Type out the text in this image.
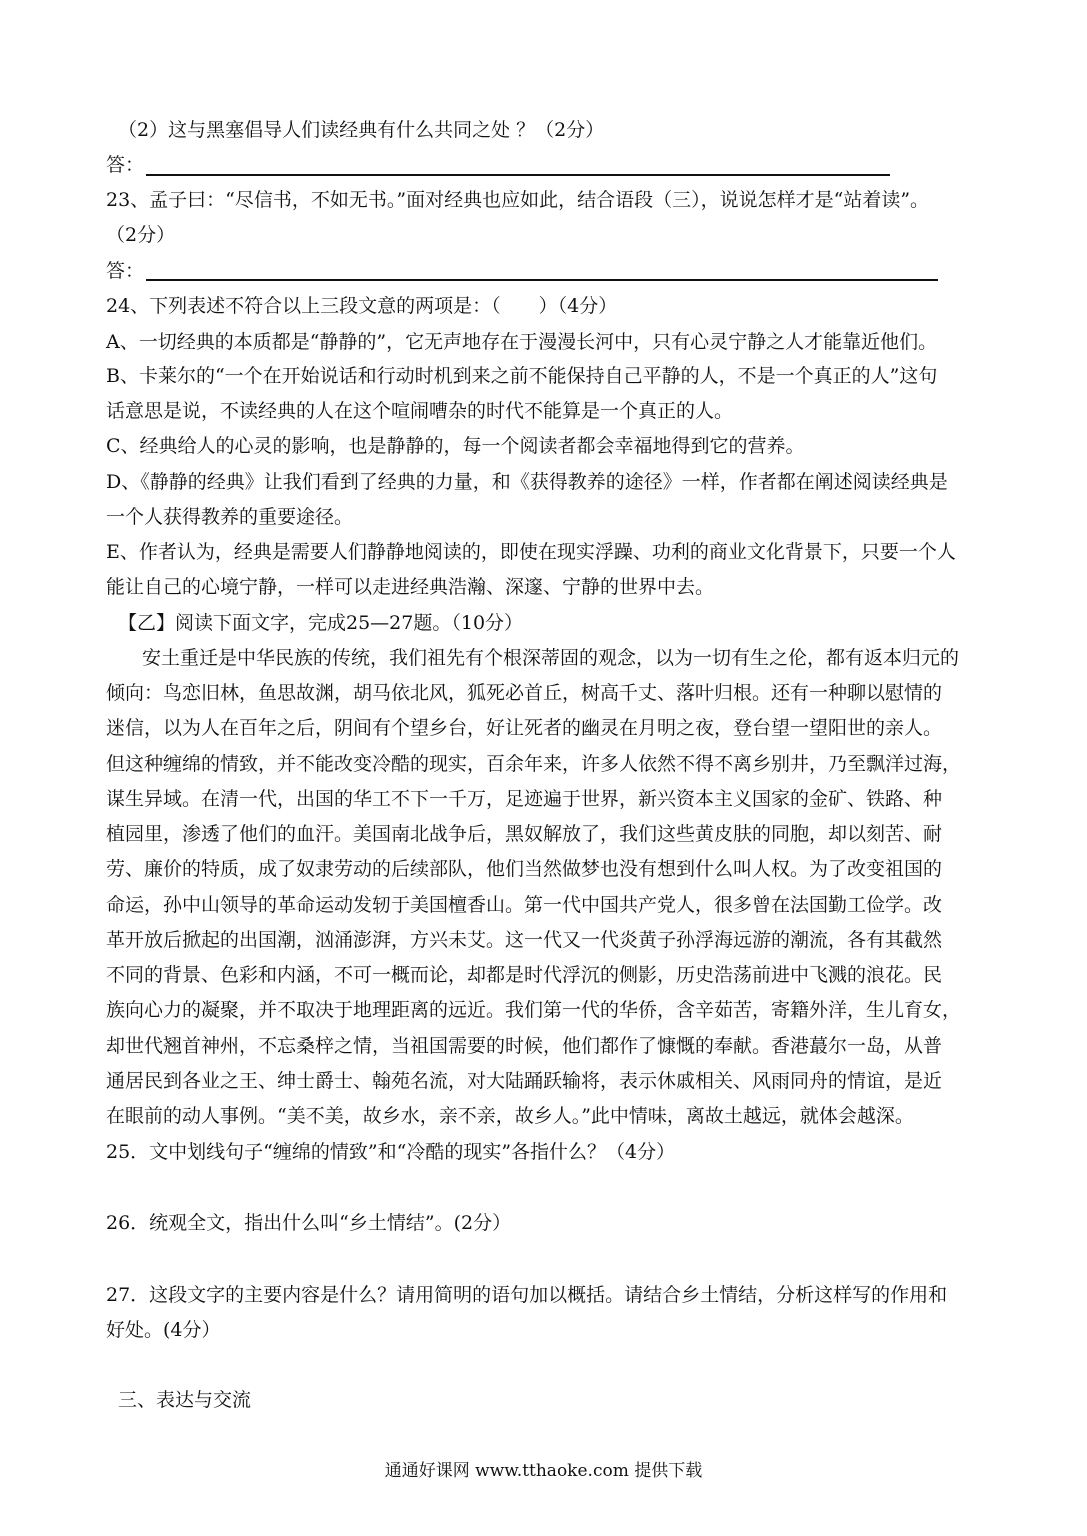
（2）这与黑塞倡导人们读经典有什么共同之处 ？（2分）
答：
23、孟子曰：“尽信书，不如无书。”面对经典也应如此，结合语段（三），说说怎样才是“站着读”。
（2分）
答：
24、下列表述不符合以上三段文意的两项是：（　　）（4分）
A、一切经典的本质都是“静静的”，它无声地存在于漫漫长河中，只有心灵宁静之人才能靠近他们。
B、卡莱尔的“一个在开始说话和行动时机到来之前不能保持自己平静的人，不是一个真正的人”这句
话意思是说，不读经典的人在这个喧闹嘈杂的时代不能算是一个真正的人。
C、经典给人的心灵的影响，也是静静的，每一个阅读者都会幸福地得到它的营养。
D、《静静的经典》让我们看到了经典的力量，和《获得教养的途径》一样，作者都在阐述阅读经典是
一个人获得教养的重要途径。
E、作者认为，经典是需要人们静静地阅读的，即使在现实浮躁、功利的商业文化背景下，只要一个人
能让自己的心境宁静，一样可以走进经典浩瀚、深邃、宁静的世界中去。
【乙】阅读下面文字，完成25—27题。（10分）
安土重迁是中华民族的传统，我们祖先有个根深蒂固的观念，以为一切有生之伦，都有返本归元的
倾向：鸟恋旧林，鱼思故渊，胡马依北风，狐死必首丘，树高千丈、落叶归根。还有一种聊以慰情的
迷信，以为人在百年之后，阴间有个望乡台，好让死者的幽灵在月明之夜，登台望一望阳世的亲人。
但这种缠绵的情致，并不能改变冷酷的现实，百余年来，许多人依然不得不离乡别井，乃至飘洋过海，
谋生异域。在清一代，出国的华工不下一千万，足迹遍于世界，新兴资本主义国家的金矿、铁路、种
植园里，渗透了他们的血汗。美国南北战争后，黑奴解放了，我们这些黄皮肤的同胞，却以刻苦、耐
劳、廉价的特质，成了奴隶劳动的后续部队，他们当然做梦也没有想到什么叫人权。为了改变祖国的
命运，孙中山领导的革命运动发轫于美国檀香山。第一代中国共产党人，很多曾在法国勤工俭学。改
革开放后掀起的出国潮，汹涌澎湃，方兴未艾。这一代又一代炎黄子孙浮海远游的潮流，各有其截然
不同的背景、色彩和内涵，不可一概而论，却都是时代浮沉的侧影，历史浩荡前进中飞溅的浪花。民
族向心力的凝聚，并不取决于地理距离的远近。我们第一代的华侨，含辛茹苦，寄籍外洋，生儿育女，
却世代翘首神州，不忘桑梓之情，当祖国需要的时候，他们都作了慷慨的奉献。香港蕞尔一岛，从普
通居民到各业之王、绅士爵士、翰苑名流，对大陆踊跃输将，表示休戚相关、风雨同舟的情谊，是近
在眼前的动人事例。“美不美，故乡水，亲不亲，故乡人。”此中情味，离故土越远，就体会越深。
25．文中划线句子“缠绵的情致”和“冷酷的现实”各指什么？（4分）
26．统观全文，指出什么叫“乡土情结”。(2分）
27．这段文字的主要内容是什么？请用简明的语句加以概括。请结合乡土情结，分析这样写的作用和
好处。(4分）
三、表达与交流
通通好课网 www.tthaoke.com 提供下载
